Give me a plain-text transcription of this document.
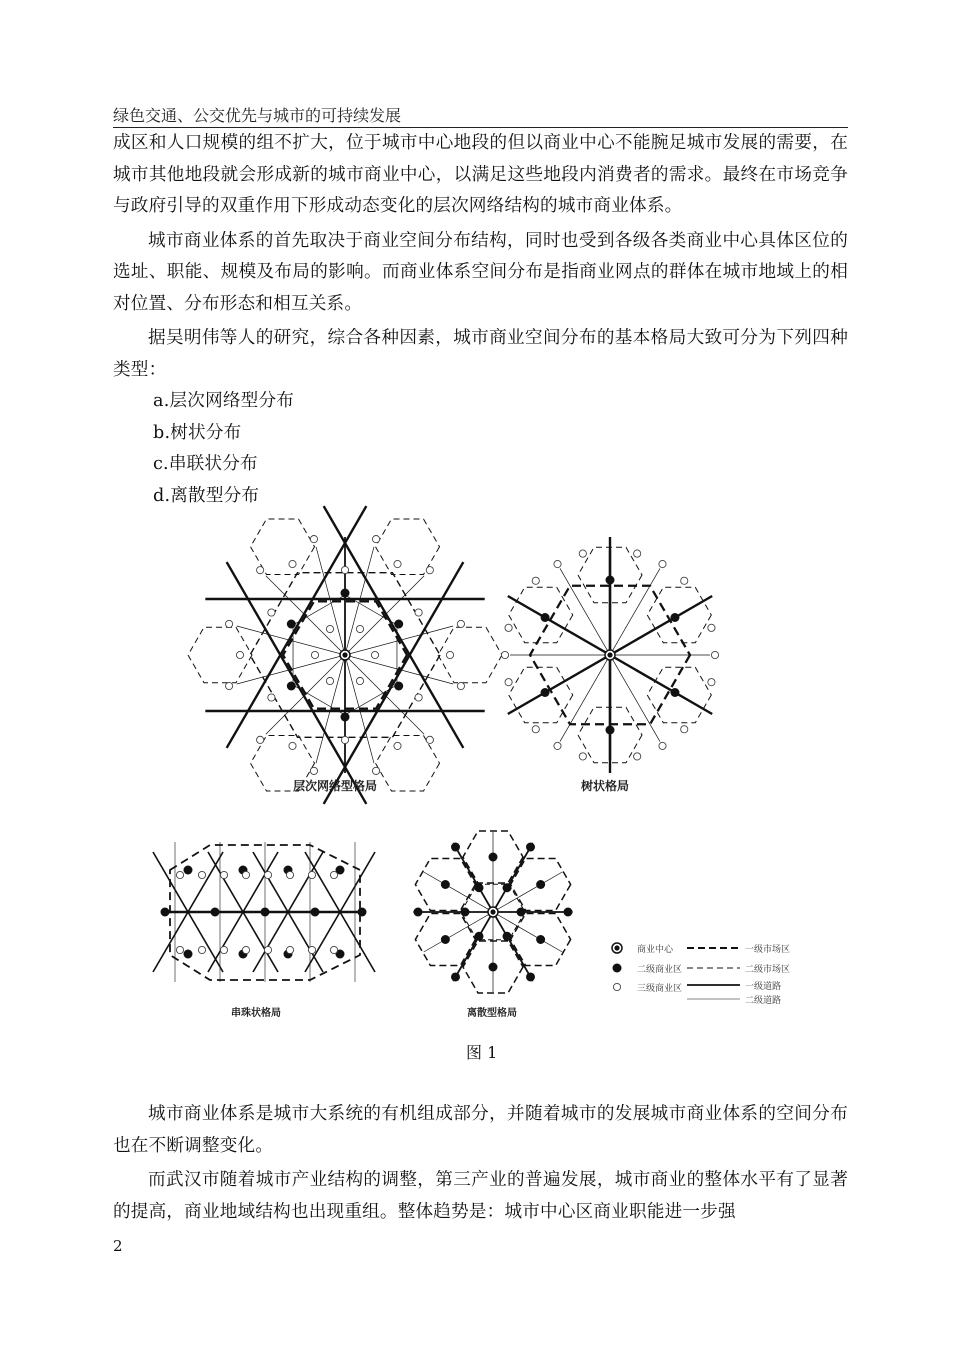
绿色交通、公交优先与城市的可持续发展

成区和人口规模的组不扩大，位于城市中心地段的但以商业中心不能腕足城市发展的需要，在城市其他地段就会形成新的城市商业中心，以满足这些地段内消费者的需求。最终在市场竞争与政府引导的双重作用下形成动态变化的层次网络结构的城市商业体系。

城市商业体系的首先取决于商业空间分布结构，同时也受到各级各类商业中心具体区位的选址、职能、规模及布局的影响。而商业体系空间分布是指商业网点的群体在城市地域上的相对位置、分布形态和相互关系。

据吴明伟等人的研究，综合各种因素，城市商业空间分布的基本格局大致可分为下列四种类型：

a.层次网络型分布

b.树状分布

c.串联状分布

d.离散型分布

层次网络型格局	树状格局
串珠状格局	离散型格局
商业中心
二级商业区
三级商业区
一级市场区
二级市场区
一级道路
二级道路
图 1

城市商业体系是城市大系统的有机组成部分，并随着城市的发展城市商业体系的空间分布也在不断调整变化。

而武汉市随着城市产业结构的调整，第三产业的普遍发展，城市商业的整体水平有了显著的提高，商业地域结构也出现重组。整体趋势是：城市中心区商业职能进一步强

2
